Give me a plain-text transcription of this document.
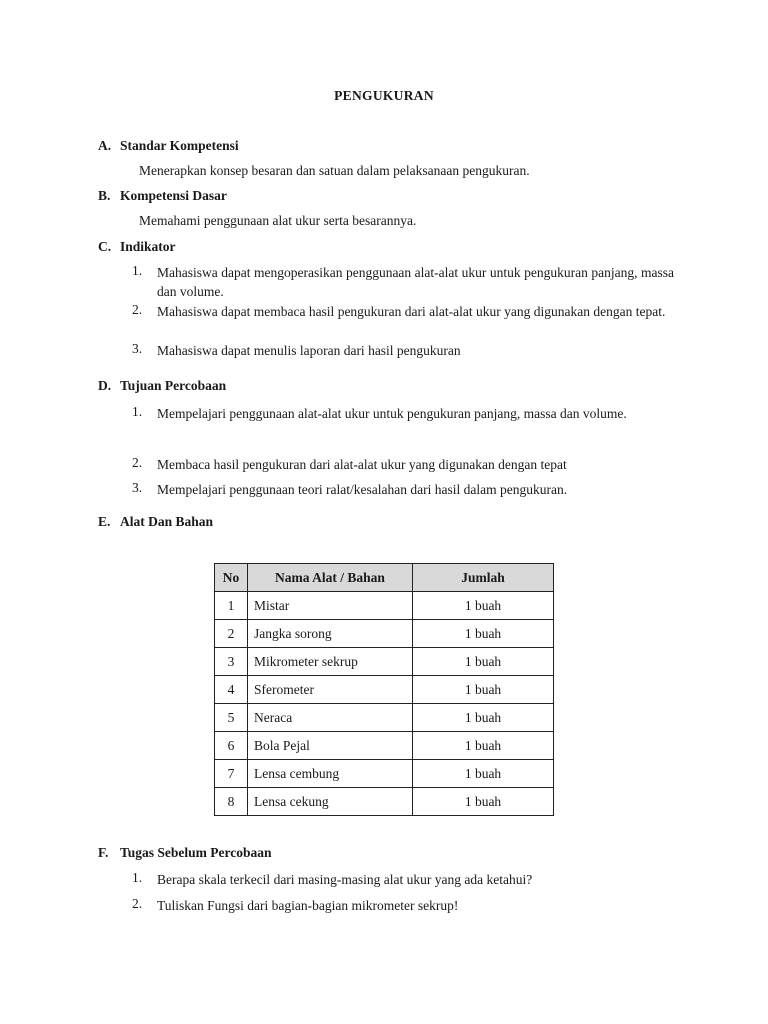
PENGUKURAN
A. Standar Kompetensi
Menerapkan konsep besaran dan satuan dalam pelaksanaan pengukuran.
B. Kompetensi Dasar
Memahami penggunaan alat ukur serta besarannya.
C. Indikator
1. Mahasiswa dapat mengoperasikan penggunaan alat-alat ukur untuk pengukuran panjang, massa dan volume.
2. Mahasiswa dapat membaca hasil pengukuran dari alat-alat ukur yang digunakan dengan tepat.
3. Mahasiswa dapat menulis laporan dari hasil pengukuran
D. Tujuan Percobaan
1. Mempelajari penggunaan alat-alat ukur untuk pengukuran panjang, massa dan volume.
2. Membaca hasil pengukuran dari alat-alat ukur yang digunakan dengan tepat
3. Mempelajari penggunaan teori ralat/kesalahan dari hasil dalam pengukuran.
E. Alat Dan Bahan
No	Nama Alat / Bahan	Jumlah
1	Mistar	1 buah
2	Jangka sorong	1 buah
3	Mikrometer sekrup	1 buah
4	Sferometer	1 buah
5	Neraca	1 buah
6	Bola Pejal	1 buah
7	Lensa cembung	1 buah
8	Lensa cekung	1 buah
F. Tugas Sebelum Percobaan
1. Berapa skala terkecil dari masing-masing alat ukur yang ada ketahui?
2. Tuliskan Fungsi dari bagian-bagian mikrometer sekrup!
